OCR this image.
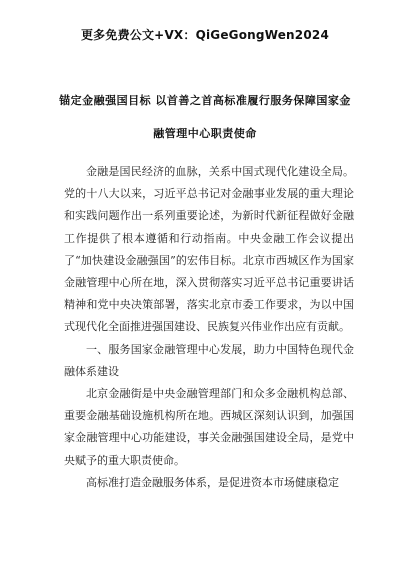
更多免费公文+VX：QiGeGongWen2024
锚定金融强国目标 以首善之首高标准履行服务保障国家金
融管理中心职责使命

金融是国民经济的血脉，关系中国式现代化建设全局。党的十八大以来，习近平总书记对金融事业发展的重大理论和实践问题作出一系列重要论述，为新时代新征程做好金融工作提供了根本遵循和行动指南。中央金融工作会议提出了“加快建设金融强国”的宏伟目标。北京市西城区作为国家金融管理中心所在地，深入贯彻落实习近平总书记重要讲话精神和党中央决策部署，落实北京市委工作要求，为以中国式现代化全面推进强国建设、民族复兴伟业作出应有贡献。

一、服务国家金融管理中心发展，助力中国特色现代金融体系建设

北京金融街是中央金融管理部门和众多金融机构总部、重要金融基础设施机构所在地。西城区深刻认识到，加强国家金融管理中心功能建设，事关金融强国建设全局，是党中央赋予的重大职责使命。

高标准打造金融服务体系，是促进资本市场健康稳定
